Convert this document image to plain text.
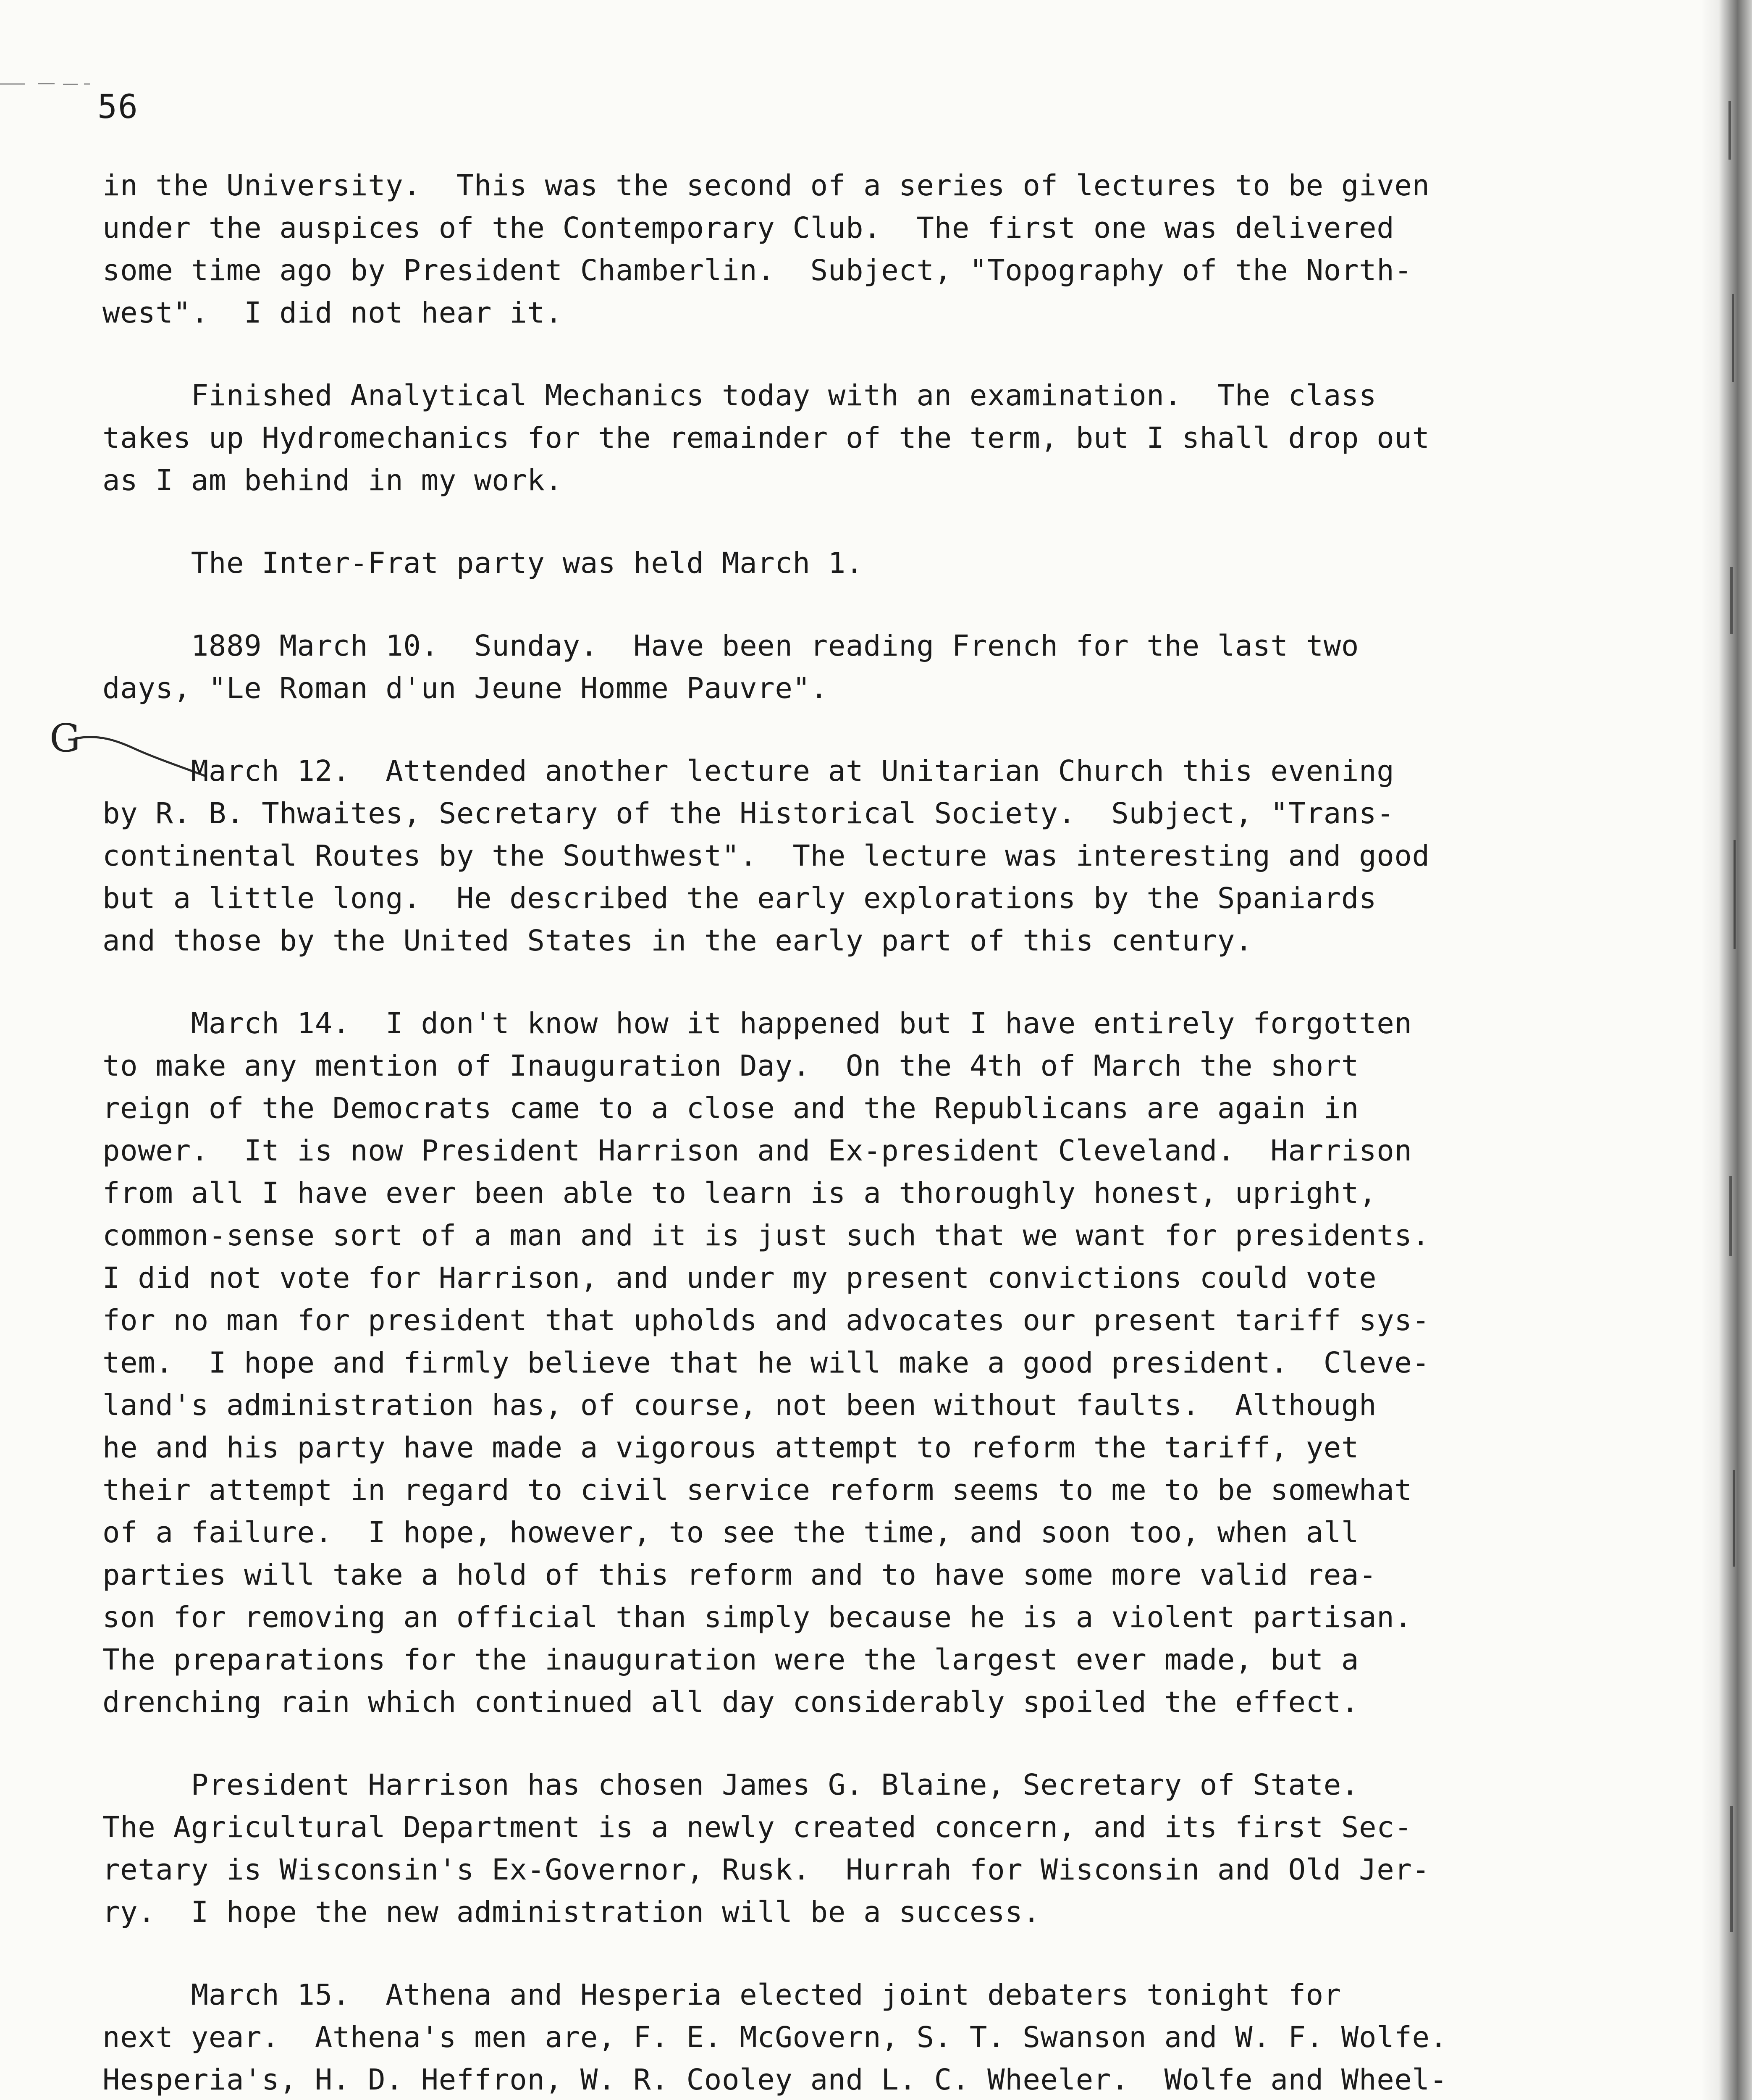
56
G
in the University.  This was the second of a series of lectures to be given
under the auspices of the Contemporary Club.  The first one was delivered
some time ago by President Chamberlin.  Subject, "Topography of the North-
west".  I did not hear it.
Finished Analytical Mechanics today with an examination.  The class
takes up Hydromechanics for the remainder of the term, but I shall drop out
as I am behind in my work.
The Inter-Frat party was held March 1.
1889 March 10.  Sunday.  Have been reading French for the last two
days, "Le Roman d'un Jeune Homme Pauvre".
March 12.  Attended another lecture at Unitarian Church this evening
by R. B. Thwaites, Secretary of the Historical Society.  Subject, "Trans-
continental Routes by the Southwest".  The lecture was interesting and good
but a little long.  He described the early explorations by the Spaniards
and those by the United States in the early part of this century.
March 14.  I don't know how it happened but I have entirely forgotten
to make any mention of Inauguration Day.  On the 4th of March the short
reign of the Democrats came to a close and the Republicans are again in
power.  It is now President Harrison and Ex-president Cleveland.  Harrison
from all I have ever been able to learn is a thoroughly honest, upright,
common-sense sort of a man and it is just such that we want for presidents.
I did not vote for Harrison, and under my present convictions could vote
for no man for president that upholds and advocates our present tariff sys-
tem.  I hope and firmly believe that he will make a good president.  Cleve-
land's administration has, of course, not been without faults.  Although
he and his party have made a vigorous attempt to reform the tariff, yet
their attempt in regard to civil service reform seems to me to be somewhat
of a failure.  I hope, however, to see the time, and soon too, when all
parties will take a hold of this reform and to have some more valid rea-
son for removing an official than simply because he is a violent partisan.
The preparations for the inauguration were the largest ever made, but a
drenching rain which continued all day considerably spoiled the effect.
President Harrison has chosen James G. Blaine, Secretary of State.
The Agricultural Department is a newly created concern, and its first Sec-
retary is Wisconsin's Ex-Governor, Rusk.  Hurrah for Wisconsin and Old Jer-
ry.  I hope the new administration will be a success.
March 15.  Athena and Hesperia elected joint debaters tonight for
next year.  Athena's men are, F. E. McGovern, S. T. Swanson and W. F. Wolfe.
Hesperia's, H. D. Heffron, W. R. Cooley and L. C. Wheeler.  Wolfe and Wheel-
